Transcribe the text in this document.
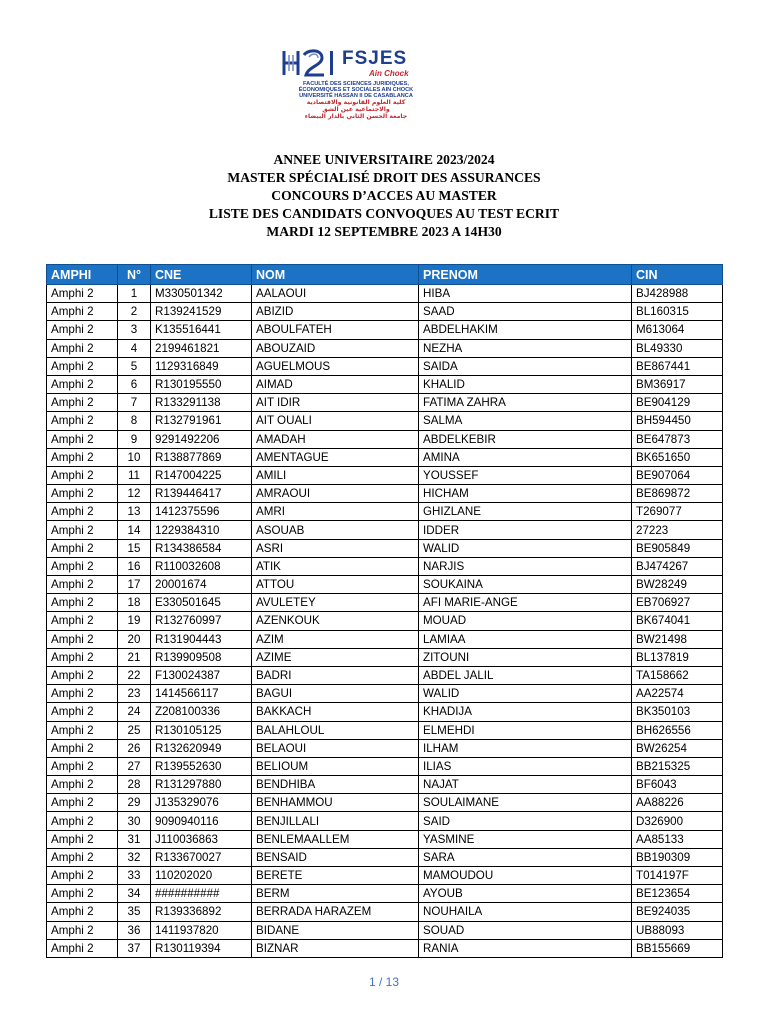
FSJES
Ain Chock
FACULTÉ DES SCIENCES JURIDIQUES,
ÉCONOMIQUES ET SOCIALES AIN CHOCK
UNIVERSITÉ HASSAN II DE CASABLANCA
كلية العلوم القانونية والاقتصادية
والاجتماعية عين الشق
جامعة الحسن الثاني بالدار البيضاء
ANNEE UNIVERSITAIRE 2023/2024
MASTER SPÉCIALISÉ DROIT DES ASSURANCES
CONCOURS D’ACCES AU MASTER
LISTE DES CANDIDATS CONVOQUES AU TEST ECRIT
MARDI 12 SEPTEMBRE 2023 A 14H30
AMPHI	N°	CNE	NOM	PRENOM	CIN
Amphi 2	1	M330501342	AALAOUI	HIBA	BJ428988
Amphi 2	2	R139241529	ABIZID	SAAD	BL160315
Amphi 2	3	K135516441	ABOULFATEH	ABDELHAKIM	M613064
Amphi 2	4	2199461821	ABOUZAID	NEZHA	BL49330
Amphi 2	5	1129316849	AGUELMOUS	SAIDA	BE867441
Amphi 2	6	R130195550	AIMAD	KHALID	BM36917
Amphi 2	7	R133291138	AIT IDIR	FATIMA ZAHRA	BE904129
Amphi 2	8	R132791961	AIT OUALI	SALMA	BH594450
Amphi 2	9	9291492206	AMADAH	ABDELKEBIR	BE647873
Amphi 2	10	R138877869	AMENTAGUE	AMINA	BK651650
Amphi 2	11	R147004225	AMILI	YOUSSEF	BE907064
Amphi 2	12	R139446417	AMRAOUI	HICHAM	BE869872
Amphi 2	13	1412375596	AMRI	GHIZLANE	T269077
Amphi 2	14	1229384310	ASOUAB	IDDER	27223
Amphi 2	15	R134386584	ASRI	WALID	BE905849
Amphi 2	16	R110032608	ATIK	NARJIS	BJ474267
Amphi 2	17	20001674	ATTOU	SOUKAINA	BW28249
Amphi 2	18	E330501645	AVULETEY	AFI MARIE-ANGE	EB706927
Amphi 2	19	R132760997	AZENKOUK	MOUAD	BK674041
Amphi 2	20	R131904443	AZIM	LAMIAA	BW21498
Amphi 2	21	R139909508	AZIME	ZITOUNI	BL137819
Amphi 2	22	F130024387	BADRI	ABDEL JALIL	TA158662
Amphi 2	23	1414566117	BAGUI	WALID	AA22574
Amphi 2	24	Z208100336	BAKKACH	KHADIJA	BK350103
Amphi 2	25	R130105125	BALAHLOUL	ELMEHDI	BH626556
Amphi 2	26	R132620949	BELAOUI	ILHAM	BW26254
Amphi 2	27	R139552630	BELIOUM	ILIAS	BB215325
Amphi 2	28	R131297880	BENDHIBA	NAJAT	BF6043
Amphi 2	29	J135329076	BENHAMMOU	SOULAIMANE	AA88226
Amphi 2	30	9090940116	BENJILLALI	SAID	D326900
Amphi 2	31	J110036863	BENLEMAALLEM	YASMINE	AA85133
Amphi 2	32	R133670027	BENSAID	SARA	BB190309
Amphi 2	33	110202020	BERETE	MAMOUDOU	T014197F
Amphi 2	34	##########	BERM	AYOUB	BE123654
Amphi 2	35	R139336892	BERRADA HARAZEM	NOUHAILA	BE924035
Amphi 2	36	1411937820	BIDANE	SOUAD	UB88093
Amphi 2	37	R130119394	BIZNAR	RANIA	BB155669
1 / 13
